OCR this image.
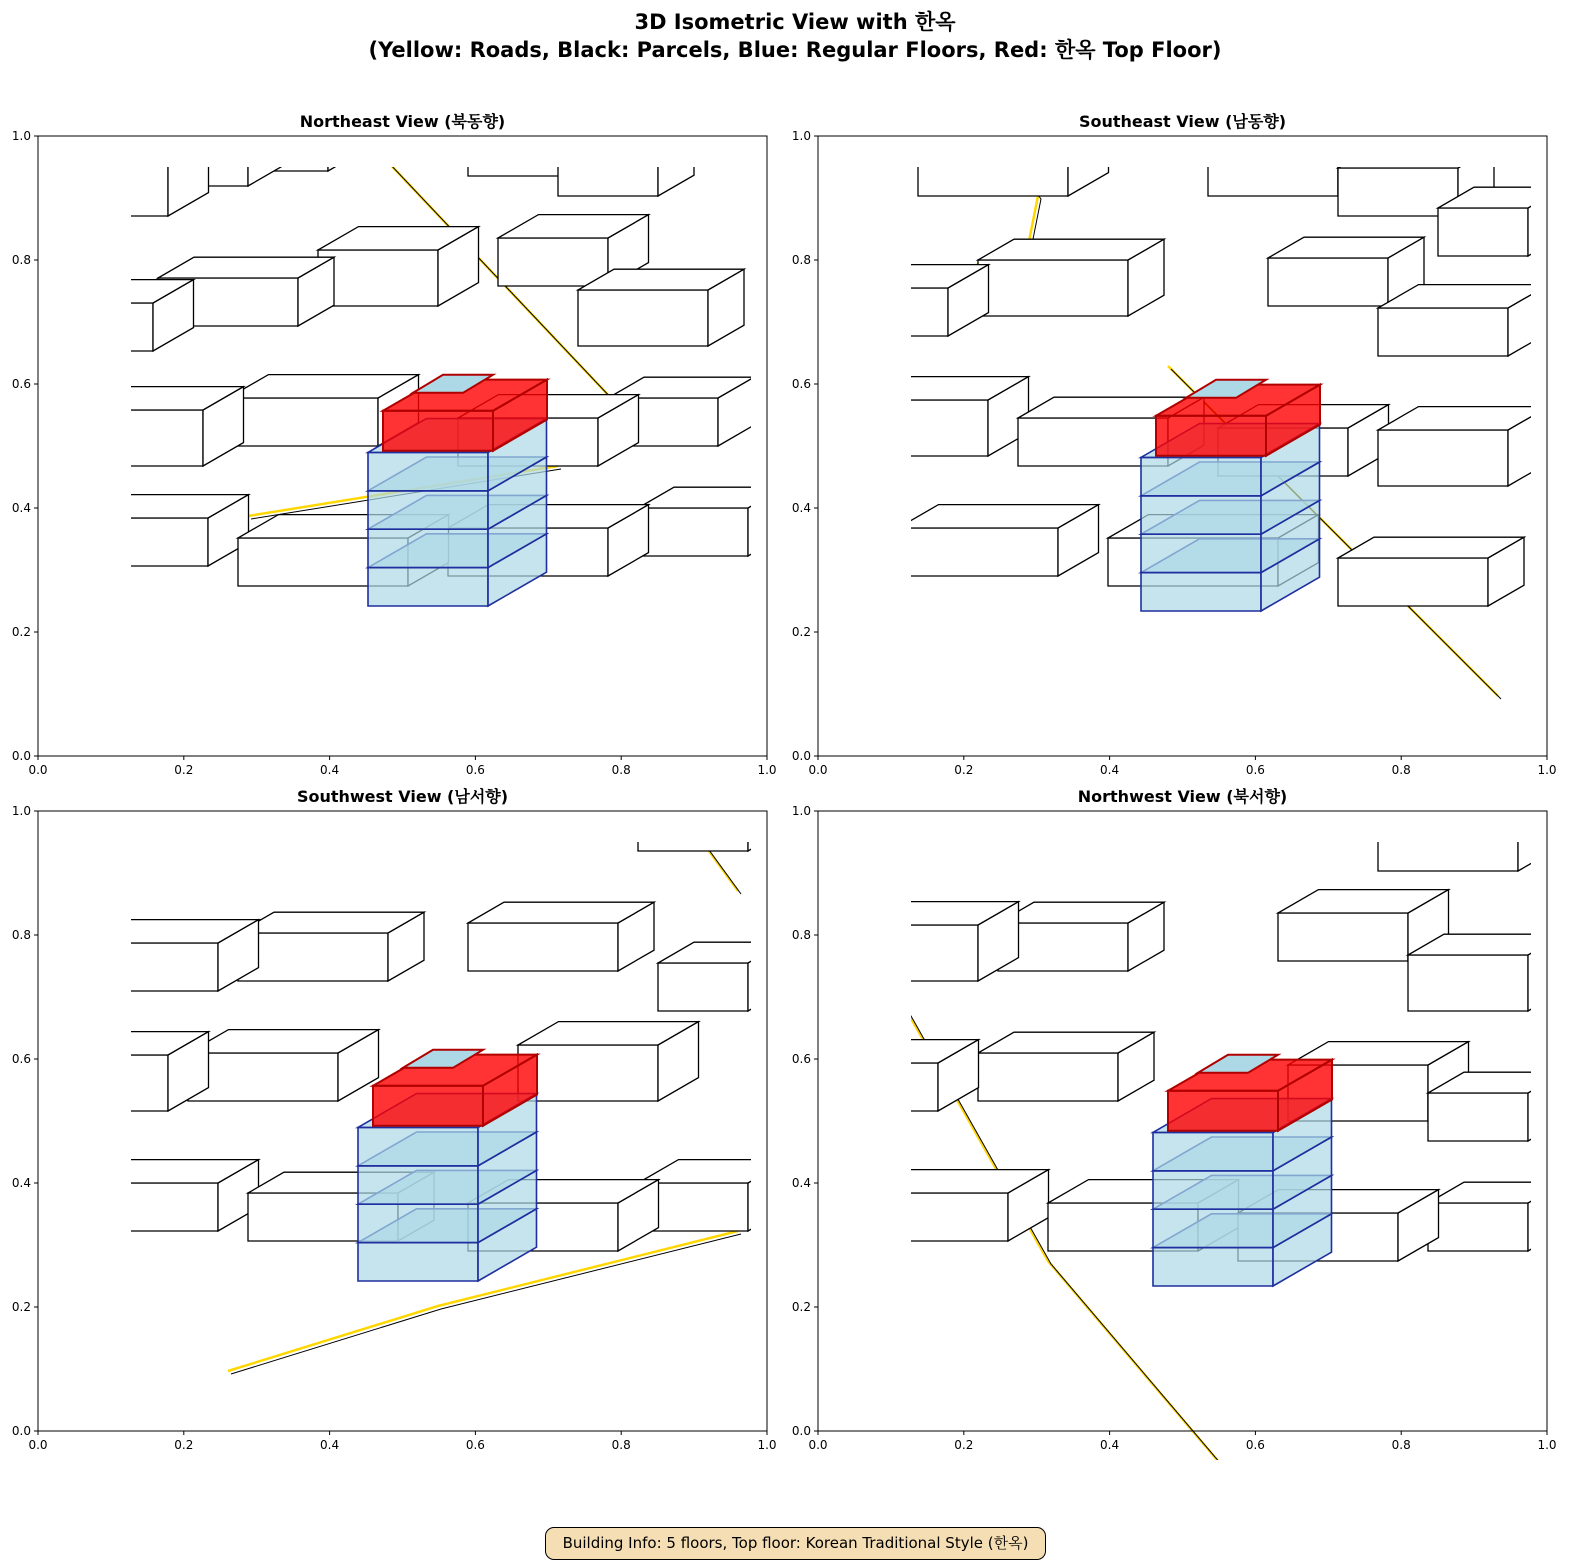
3D Isometric View with 한옥
(Yellow: Roads, Black: Parcels, Blue: Regular Floors, Red: 한옥 Top Floor)
Northeast View (북동향)
0.0	0.2	0.4	0.6	0.8	1.0
0.0
0.2
0.4
0.6
0.8
1.0
Southeast View (남동향)
0.0	0.2	0.4	0.6	0.8	1.0
0.0
0.2
0.4
0.6
0.8
1.0
Southwest View (남서향)
0.0	0.2	0.4	0.6	0.8	1.0
0.0
0.2
0.4
0.6
0.8
1.0
Northwest View (북서향)
0.0	0.2	0.4	0.6	0.8	1.0
0.0
0.2
0.4
0.6
0.8
1.0
Building Info: 5 floors, Top floor: Korean Traditional Style (한옥)
